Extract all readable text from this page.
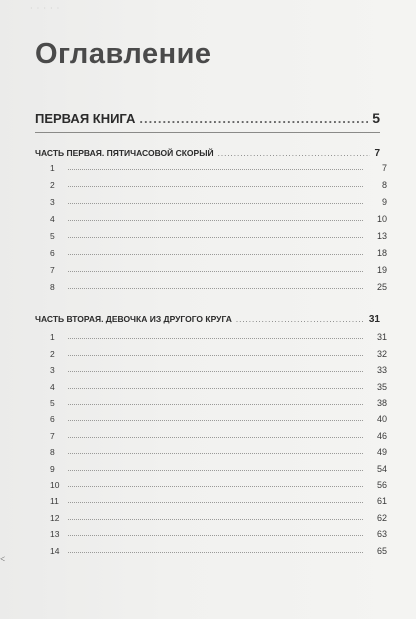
· · · · ·
Оглавление
ПЕРВАЯ КНИГА .....	5
ЧАСТЬ ПЕРВАЯ. ПЯТИЧАСОВОЙ СКОРЫЙ .....	7
1	7
2	8
3	9
4	10
5	13
6	18
7	19
8	25
ЧАСТЬ ВТОРАЯ. ДЕВОЧКА ИЗ ДРУГОГО КРУГА .....	31
1	31
2	32
3	33
4	35
5	38
6	40
7	46
8	49
9	54
10	56
11	61
12	62
13	63
14	65
˂
